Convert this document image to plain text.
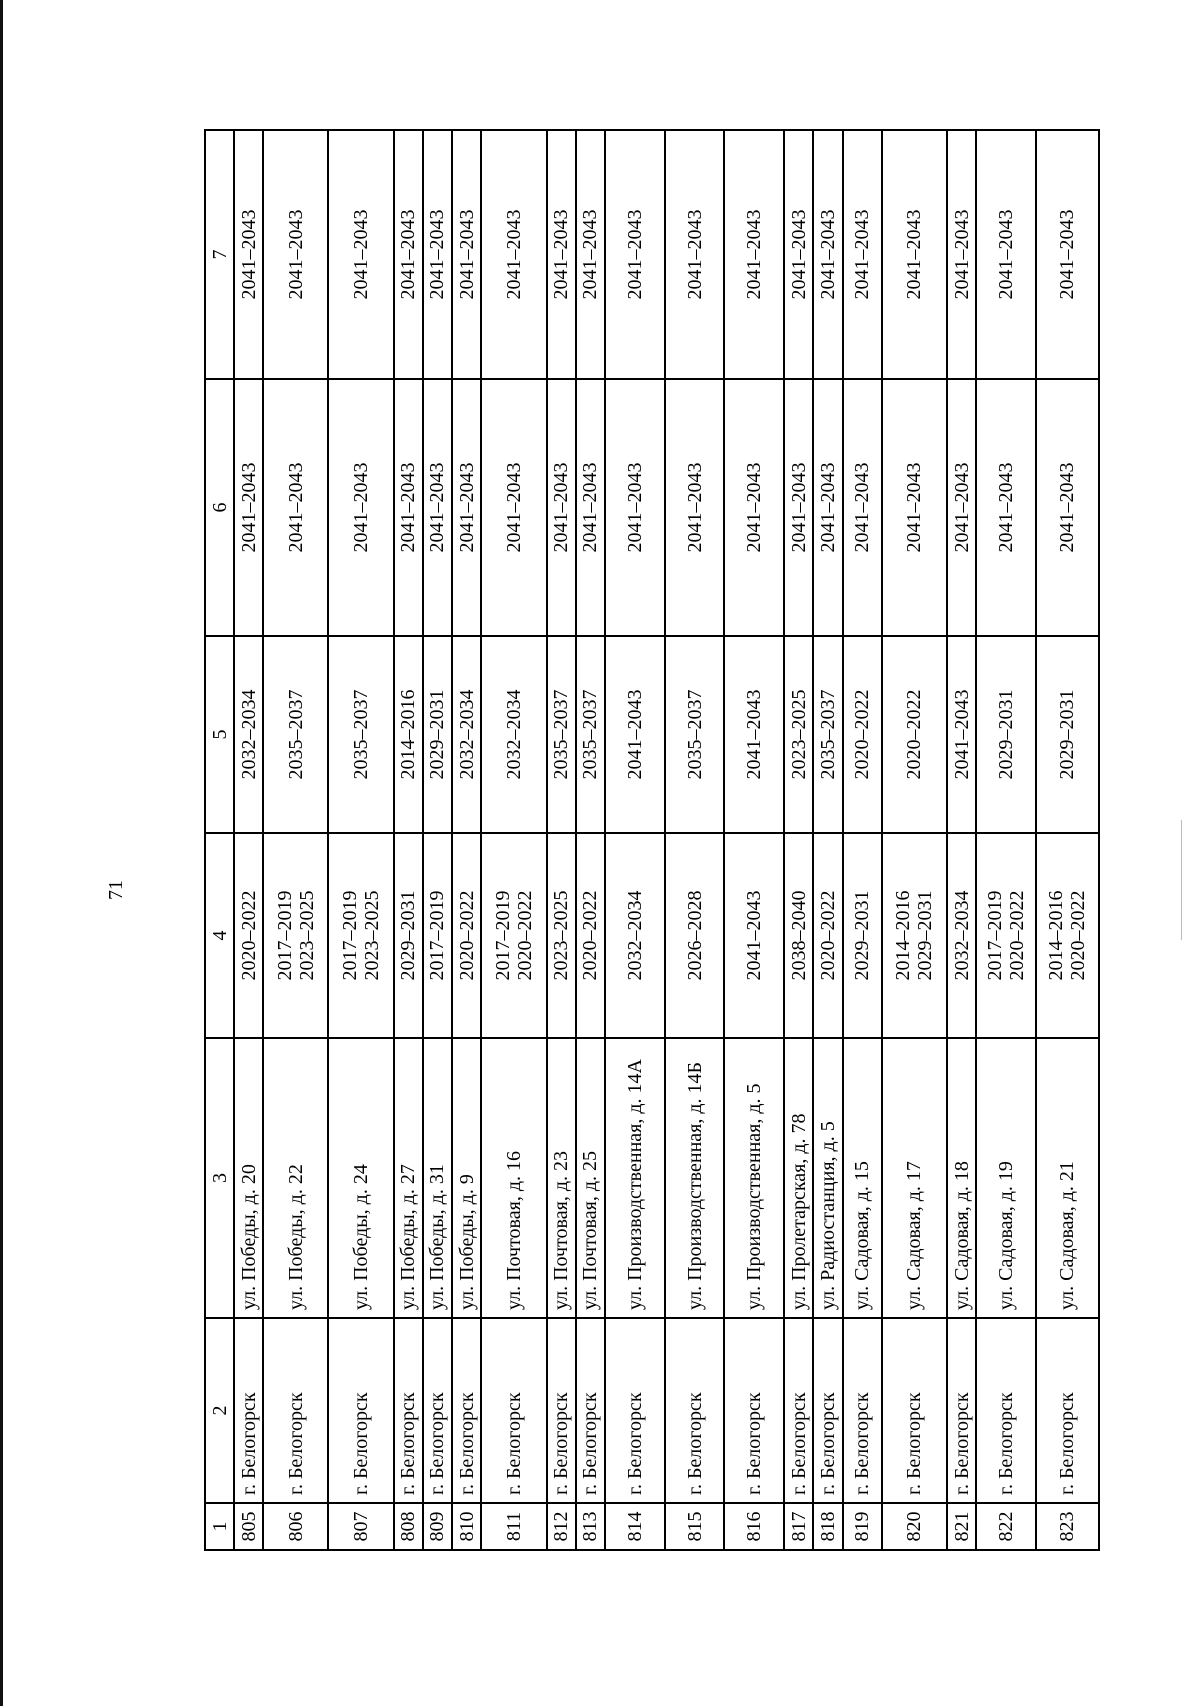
71
1	2	3	4	5	6	7
805	г. Белогорск	ул. Победы, д. 20	2020–2022	2032–2034	2041–2043	2041–2043
806	г. Белогорск	ул. Победы, д. 22	2017–2019 2023–2025	2035–2037	2041–2043	2041–2043
807	г. Белогорск	ул. Победы, д. 24	2017–2019 2023–2025	2035–2037	2041–2043	2041–2043
808	г. Белогорск	ул. Победы, д. 27	2029–2031	2014–2016	2041–2043	2041–2043
809	г. Белогорск	ул. Победы, д. 31	2017–2019	2029–2031	2041–2043	2041–2043
810	г. Белогорск	ул. Победы, д. 9	2020–2022	2032–2034	2041–2043	2041–2043
811	г. Белогорск	ул. Почтовая, д. 16	2017–2019 2020–2022	2032–2034	2041–2043	2041–2043
812	г. Белогорск	ул. Почтовая, д. 23	2023–2025	2035–2037	2041–2043	2041–2043
813	г. Белогорск	ул. Почтовая, д. 25	2020–2022	2035–2037	2041–2043	2041–2043
814	г. Белогорск	ул. Производственная, д. 14А	2032–2034	2041–2043	2041–2043	2041–2043
815	г. Белогорск	ул. Производственная, д. 14Б	2026–2028	2035–2037	2041–2043	2041–2043
816	г. Белогорск	ул. Производственная, д. 5	2041–2043	2041–2043	2041–2043	2041–2043
817	г. Белогорск	ул. Пролетарская, д. 78	2038–2040	2023–2025	2041–2043	2041–2043
818	г. Белогорск	ул. Радиостанция, д. 5	2020–2022	2035–2037	2041–2043	2041–2043
819	г. Белогорск	ул. Садовая, д. 15	2029–2031	2020–2022	2041–2043	2041–2043
820	г. Белогорск	ул. Садовая, д. 17	2014–2016 2029–2031	2020–2022	2041–2043	2041–2043
821	г. Белогорск	ул. Садовая, д. 18	2032–2034	2041–2043	2041–2043	2041–2043
822	г. Белогорск	ул. Садовая, д. 19	2017–2019 2020–2022	2029–2031	2041–2043	2041–2043
823	г. Белогорск	ул. Садовая, д. 21	2014–2016 2020–2022	2029–2031	2041–2043	2041–2043
